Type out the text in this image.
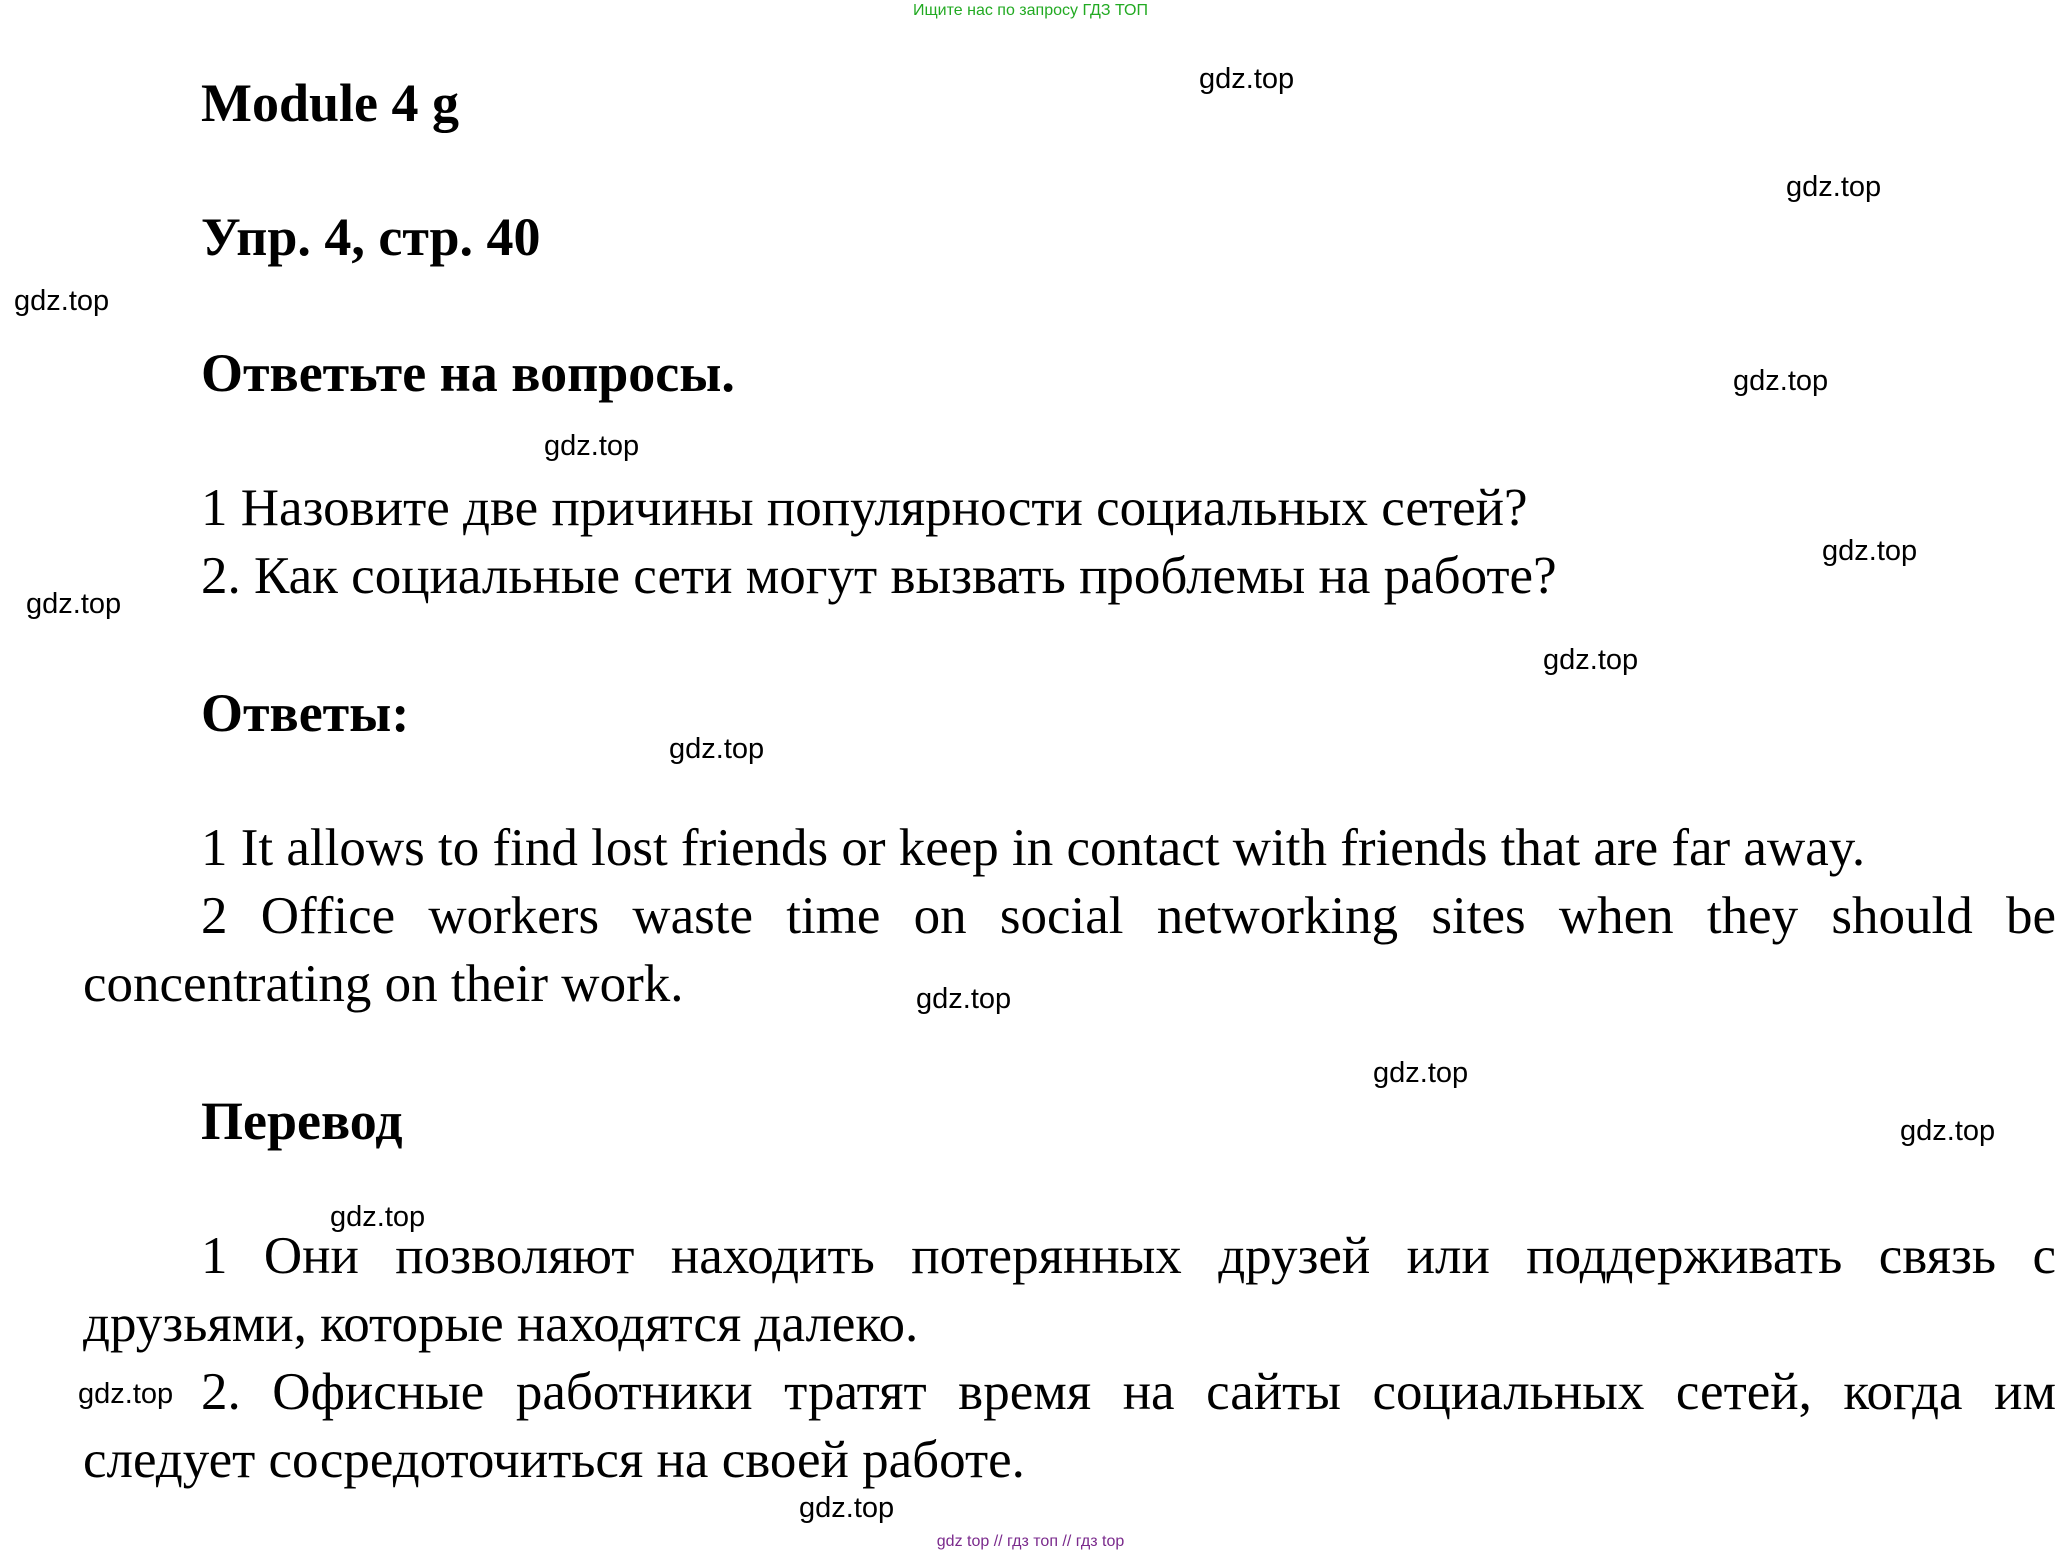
Ищите нас по запросу ГДЗ ТОП
Module 4 g
Упр. 4, стр. 40
Ответьте на вопросы.
1 Назовите две причины популярности социальных сетей?
2. Как социальные сети могут вызвать проблемы на работе?
Ответы:
1 It allows to find lost friends or keep in contact with friends that are far away.
2 Office workers waste time on social networking sites when they should be
concentrating on their work.
Перевод
1 Они позволяют находить потерянных друзей или поддерживать связь с
друзьями, которые находятся далеко.
2. Офисные работники тратят время на сайты социальных сетей, когда им
следует сосредоточиться на своей работе.
gdz.top
gdz.top
gdz.top
gdz.top
gdz.top
gdz.top
gdz.top
gdz.top
gdz.top
gdz.top
gdz.top
gdz.top
gdz.top
gdz.top
gdz.top
gdz top // гдз топ // гдз top
